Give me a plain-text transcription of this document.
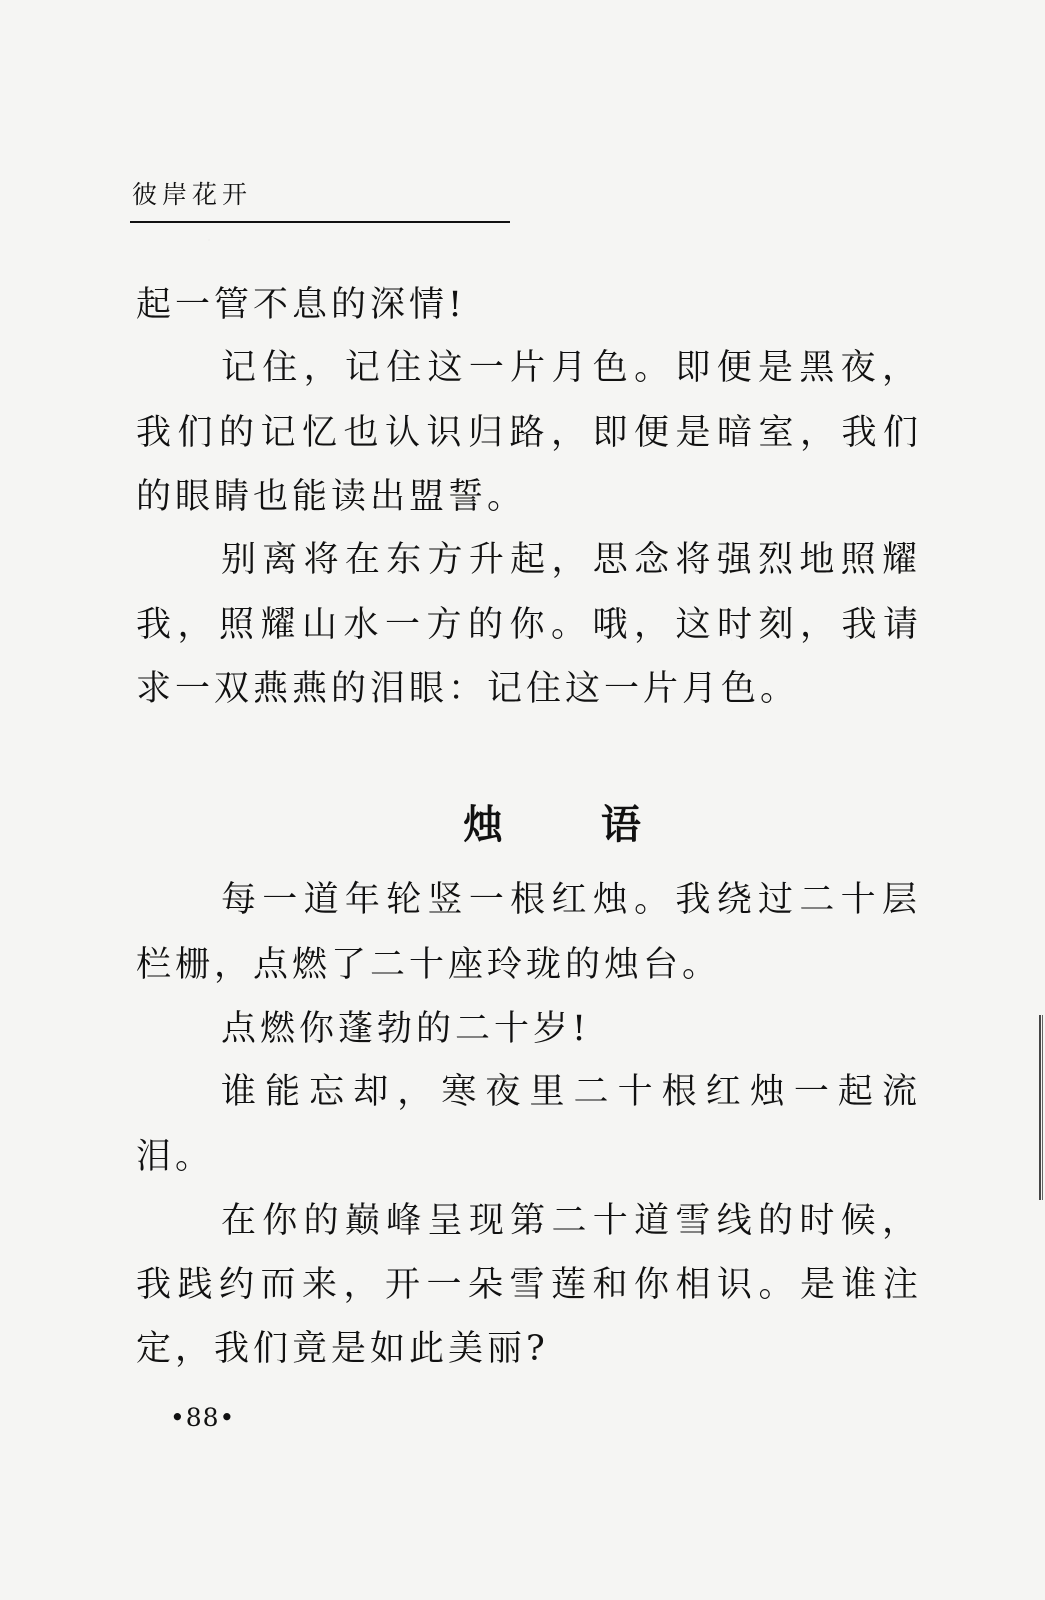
彼岸花开
起一管不息的深情!
记住，记住这一片月色。即便是黑夜，
我们的记忆也认识归路，即便是暗室，我们
的眼睛也能读出盟誓。
别离将在东方升起，思念将强烈地照耀
我，照耀山水一方的你。哦，这时刻，我请
求一双燕燕的泪眼：记住这一片月色。
烛 语
每一道年轮竖一根红烛。我绕过二十层
栏栅，点燃了二十座玲珑的烛台。
点燃你蓬勃的二十岁!
谁能忘却，寒夜里二十根红烛一起流
泪。
在你的巅峰呈现第二十道雪线的时候，
我践约而来，开一朵雪莲和你相识。是谁注
定，我们竟是如此美丽?
•88•
